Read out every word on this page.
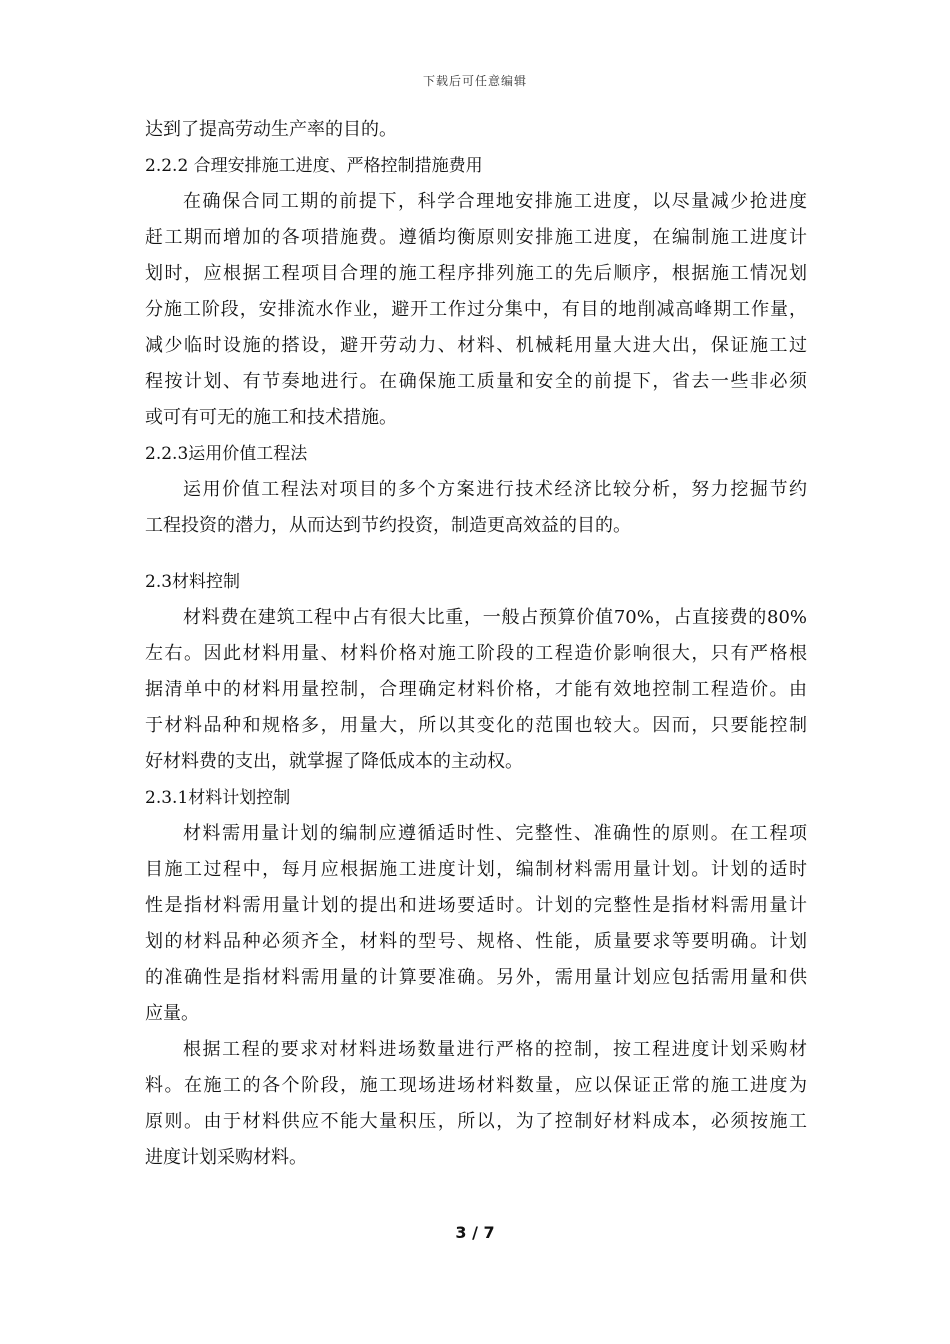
下载后可任意编辑
达到了提高劳动生产率的目的。
2.2.2 合理安排施工进度、严格控制措施费用
在确保合同工期的前提下，科学合理地安排施工进度，以尽量减少抢进度
赶工期而增加的各项措施费。遵循均衡原则安排施工进度，在编制施工进度计
划时，应根据工程项目合理的施工程序排列施工的先后顺序，根据施工情况划
分施工阶段，安排流水作业，避开工作过分集中，有目的地削减高峰期工作量，
减少临时设施的搭设，避开劳动力、材料、机械耗用量大进大出，保证施工过
程按计划、有节奏地进行。在确保施工质量和安全的前提下，省去一些非必须
或可有可无的施工和技术措施。
2.2.3运用价值工程法
运用价值工程法对项目的多个方案进行技术经济比较分析，努力挖掘节约
工程投资的潜力，从而达到节约投资，制造更高效益的目的。
2.3材料控制
材料费在建筑工程中占有很大比重，一般占预算价值70%，占直接费的80%
左右。因此材料用量、材料价格对施工阶段的工程造价影响很大，只有严格根
据清单中的材料用量控制，合理确定材料价格，才能有效地控制工程造价。由
于材料品种和规格多，用量大，所以其变化的范围也较大。因而，只要能控制
好材料费的支出，就掌握了降低成本的主动权。
2.3.1材料计划控制
材料需用量计划的编制应遵循适时性、完整性、准确性的原则。在工程项
目施工过程中，每月应根据施工进度计划，编制材料需用量计划。计划的适时
性是指材料需用量计划的提出和进场要适时。计划的完整性是指材料需用量计
划的材料品种必须齐全，材料的型号、规格、性能，质量要求等要明确。计划
的准确性是指材料需用量的计算要准确。另外，需用量计划应包括需用量和供
应量。
根据工程的要求对材料进场数量进行严格的控制，按工程进度计划采购材
料。在施工的各个阶段，施工现场进场材料数量，应以保证正常的施工进度为
原则。由于材料供应不能大量积压，所以，为了控制好材料成本，必须按施工
进度计划采购材料。
3 / 7
